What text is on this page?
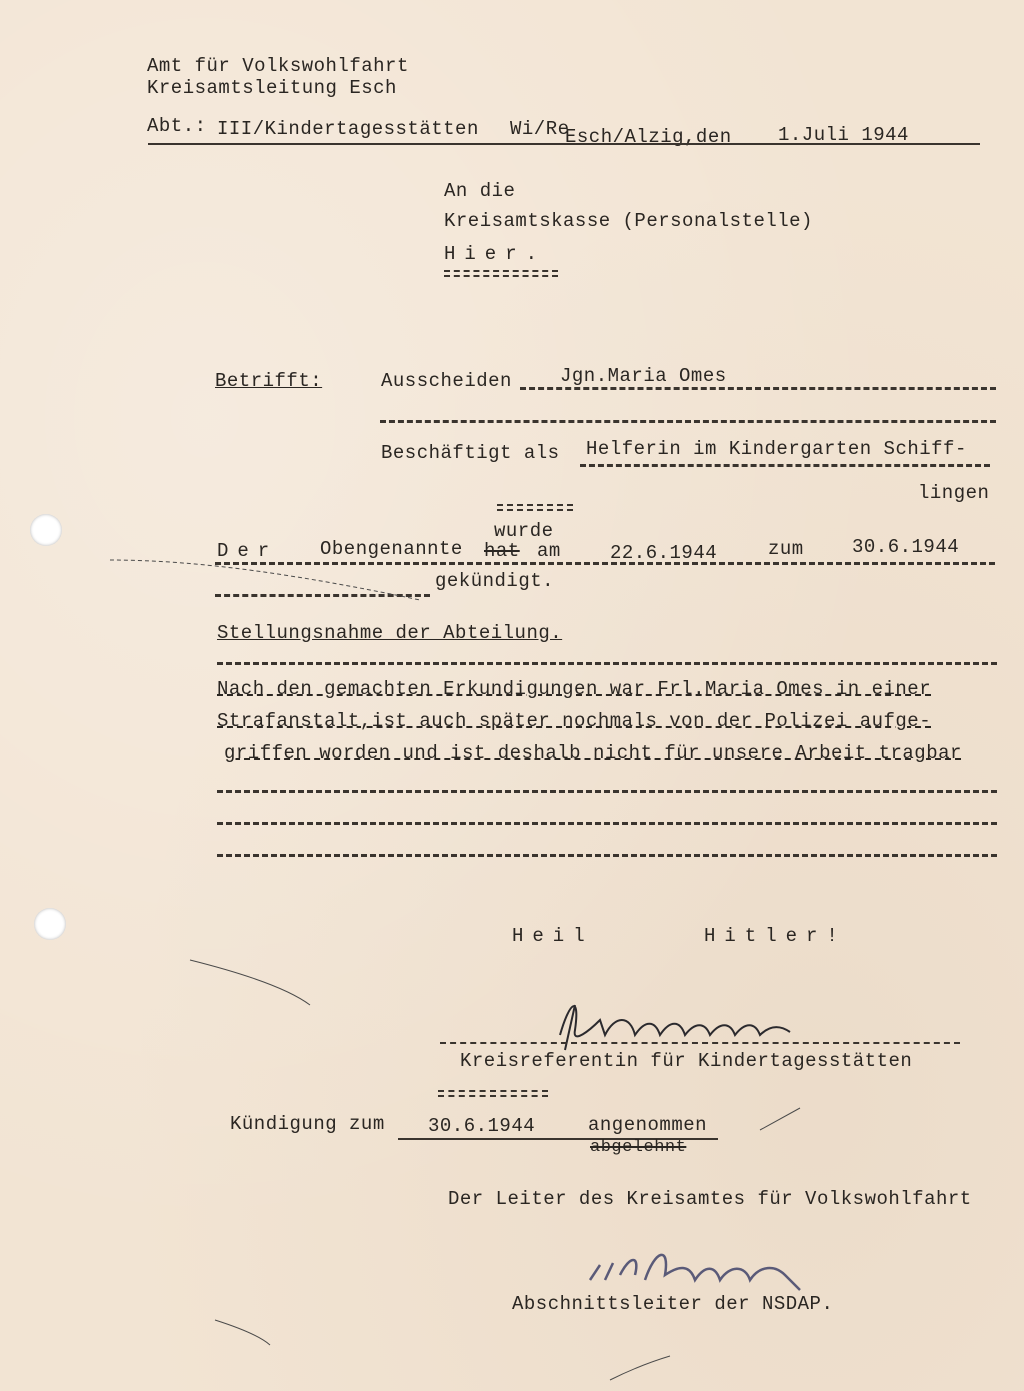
Amt für Volkswohlfahrt
Kreisamtsleitung Esch
Abt.: III/Kindertagesstätten Wi/Re
Esch/Alzig,den 1.Juli 1944
An die
Kreisamtskasse (Personalstelle)
Hier.
Betrifft:	Ausscheiden	Jgn.Maria Omes
Beschäftigt als Helferin im Kindergarten Schiff-
lingen
Der Obengenannte
wurde
hat am	22.6.1944	zum	30.6.1944
gekündigt.
Stellungsnahme der Abteilung.
Nach den gemachten Erkundigungen war Frl.Maria Omes in einer
Strafanstalt,ist auch später nochmals von der Polizei aufge-
griffen worden und ist deshalb nicht für unsere Arbeit tragbar
Heil	Hitler!
Kreisreferentin für Kindertagesstätten
Kündigung zum 30.6.1944	angenommen
abgelehnt
Der Leiter des Kreisamtes für Volkswohlfahrt
Abschnittsleiter der NSDAP.
